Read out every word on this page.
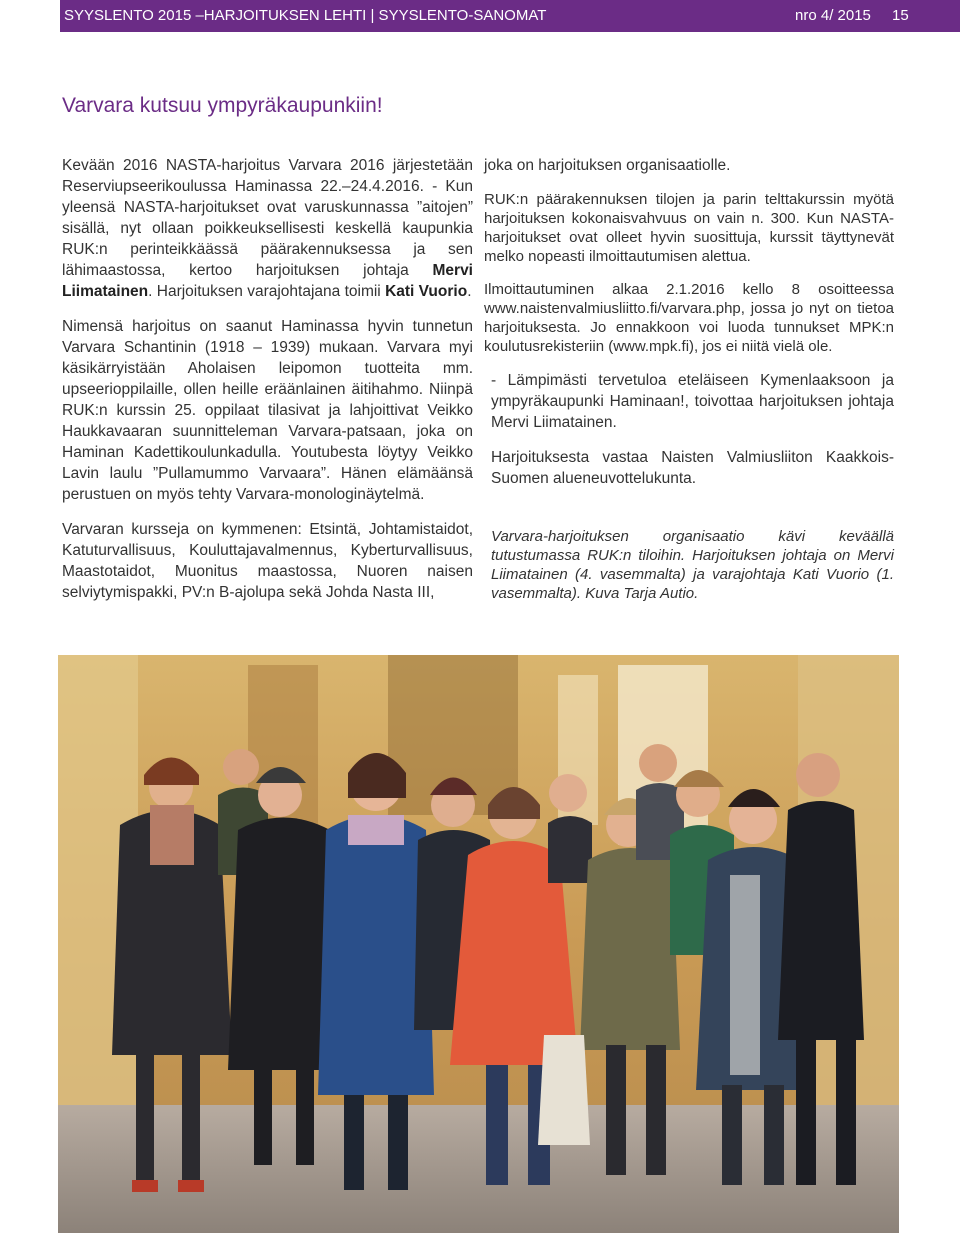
SYYSLENTO 2015 –HARJOITUKSEN LEHTI | SYYSLENTO-SANOMAT	nro 4/ 2015 15
Varvara kutsuu ympyräkaupunkiin!

Kevään 2016 NASTA-harjoitus Varvara 2016 järjestetään Reserviupseerikoulussa Haminassa 22.–24.4.2016. - Kun yleensä NASTA-harjoitukset ovat varuskunnassa ”aitojen” sisällä, nyt ollaan poikkeuksellisesti keskellä kaupunkia RUK:n perinteikkäässä päärakennuksessa ja sen lähimaastossa, kertoo harjoituksen johtaja Mervi Liimatainen. Harjoituksen varajohtajana toimii Kati Vuorio.

Nimensä harjoitus on saanut Haminassa hyvin tunnetun Varvara Schantinin (1918 – 1939) mukaan. Varvara myi käsikärryistään Aholaisen leipomon tuotteita mm. upseerioppilaille, ollen heille eräänlainen äitihahmo. Niinpä RUK:n kurssin 25. oppilaat tilasivat ja lahjoittivat Veikko Haukkavaaran suunnitteleman Varvara-patsaan, joka on Haminan Kadettikoulunkadulla. Youtubesta löytyy Veikko Lavin laulu ”Pullamummo Varvaara”. Hänen elämäänsä perustuen on myös tehty Varvara-monologinäytelmä.

Varvaran kursseja on kymmenen: Etsintä, Johtamistaidot, Katuturvallisuus, Kouluttajavalmennus, Kyberturvallisuus, Maastotaidot, Muonitus maastossa, Nuoren naisen selviytymispakki, PV:n B-ajolupa sekä Johda Nasta III,

joka on harjoituksen organisaatiolle.

RUK:n päärakennuksen tilojen ja parin telttakurssin myötä harjoituksen kokonaisvahvuus on vain n. 300. Kun NASTA-harjoitukset ovat olleet hyvin suosittuja, kurssit täyttynevät melko nopeasti ilmoittautumisen alettua.

Ilmoittautuminen alkaa 2.1.2016 kello 8 osoitteessa www.naistenvalmiusliitto.fi/varvara.php, jossa jo nyt on tietoa harjoituksesta. Jo ennakkoon voi luoda tunnukset MPK:n koulutusrekisteriin (www.mpk.fi), jos ei niitä vielä ole.

- Lämpimästi tervetuloa eteläiseen Kymenlaaksoon ja ympyräkaupunki Haminaan!, toivottaa harjoituksen johtaja Mervi Liimatainen.

Harjoituksesta vastaa Naisten Valmiusliiton Kaakkois-Suomen alueneuvottelukunta.

Varvara-harjoituksen organisaatio kävi keväällä tutustumassa RUK:n tiloihin. Harjoituksen johtaja on Mervi Liimatainen (4. vasemmalta) ja varajohtaja Kati Vuorio (1. vasemmalta). Kuva Tarja Autio.
